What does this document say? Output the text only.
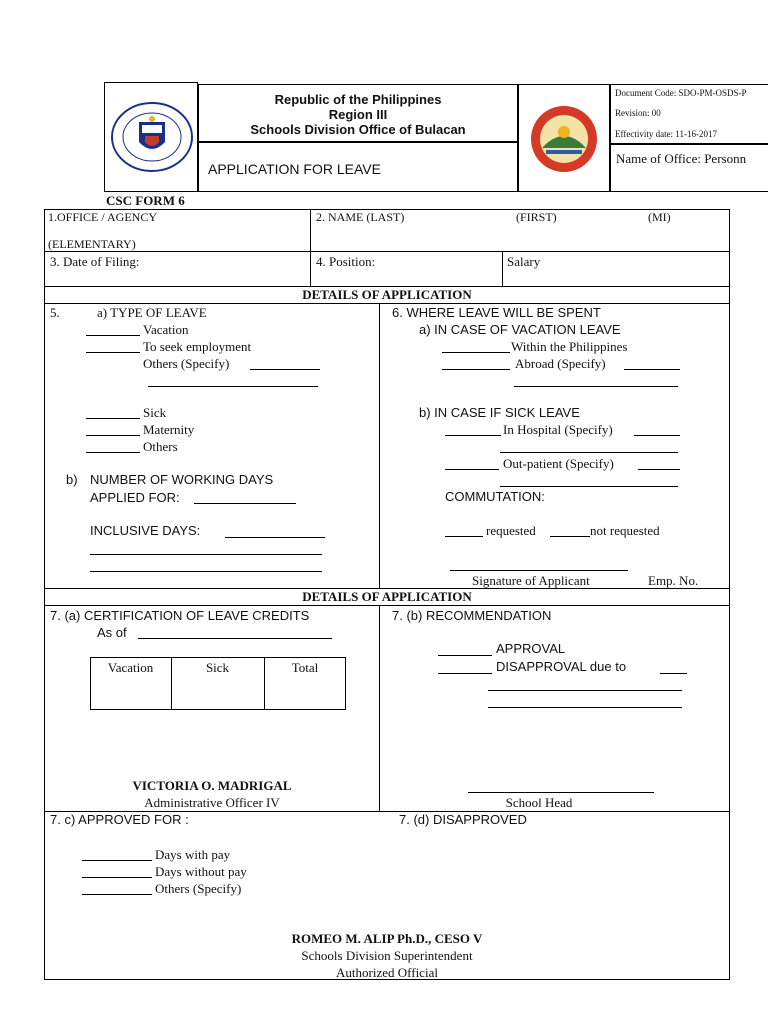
Republic of the Philippines
Region III
Schools Division Office of Bulacan
APPLICATION FOR LEAVE
Document Code: SDO-PM-OSDS-P
Revision: 00
Effectivity date: 11-16-2017
Name of Office: Personn
CSC FORM 6
1.OFFICE / AGENCY
(ELEMENTARY)
2. NAME (LAST)	(FIRST)	(MI)
3. Date of Filing:	4. Position:	Salary
DETAILS OF APPLICATION
5.	a) TYPE OF LEAVE
Vacation
To seek employment
Others (Specify)
Sick
Maternity
Others
b) NUMBER OF WORKING DAYS
APPLIED FOR:
INCLUSIVE DAYS:
6. WHERE LEAVE WILL BE SPENT
a) IN CASE OF VACATION LEAVE
Within the Philippines
Abroad (Specify)
b) IN CASE IF SICK LEAVE
In Hospital (Specify)
Out-patient (Specify)
COMMUTATION:
requested	not requested
Signature of Applicant	Emp. No.
DETAILS OF APPLICATION
7. (a) CERTIFICATION OF LEAVE CREDITS
As of
Vacation	Sick	Total
VICTORIA O. MADRIGAL
Administrative Officer IV
7. (b) RECOMMENDATION
APPROVAL
DISAPPROVAL due to
School Head
7. c) APPROVED FOR :	7. (d) DISAPPROVED
Days with pay
Days without pay
Others (Specify)
ROMEO M. ALIP Ph.D., CESO V
Schools Division Superintendent
Authorized Official
